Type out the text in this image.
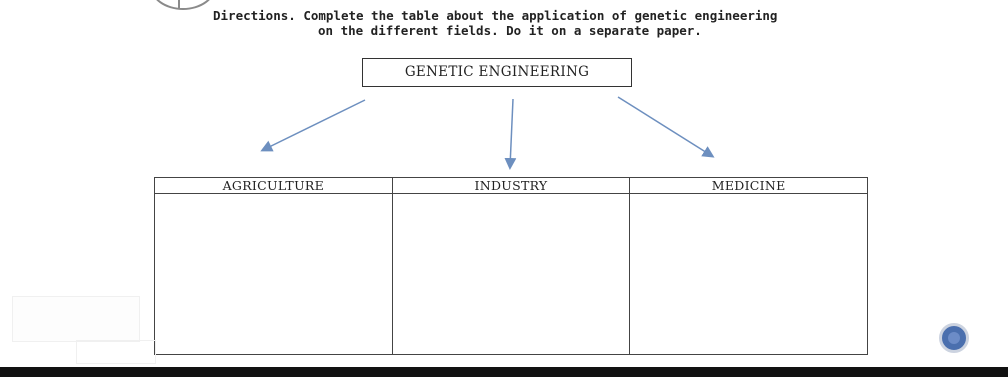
Directions. Complete the table about the application of genetic engineering
on the different fields. Do it on a separate paper.
GENETIC ENGINEERING
AGRICULTURE	INDUSTRY	MEDICINE
